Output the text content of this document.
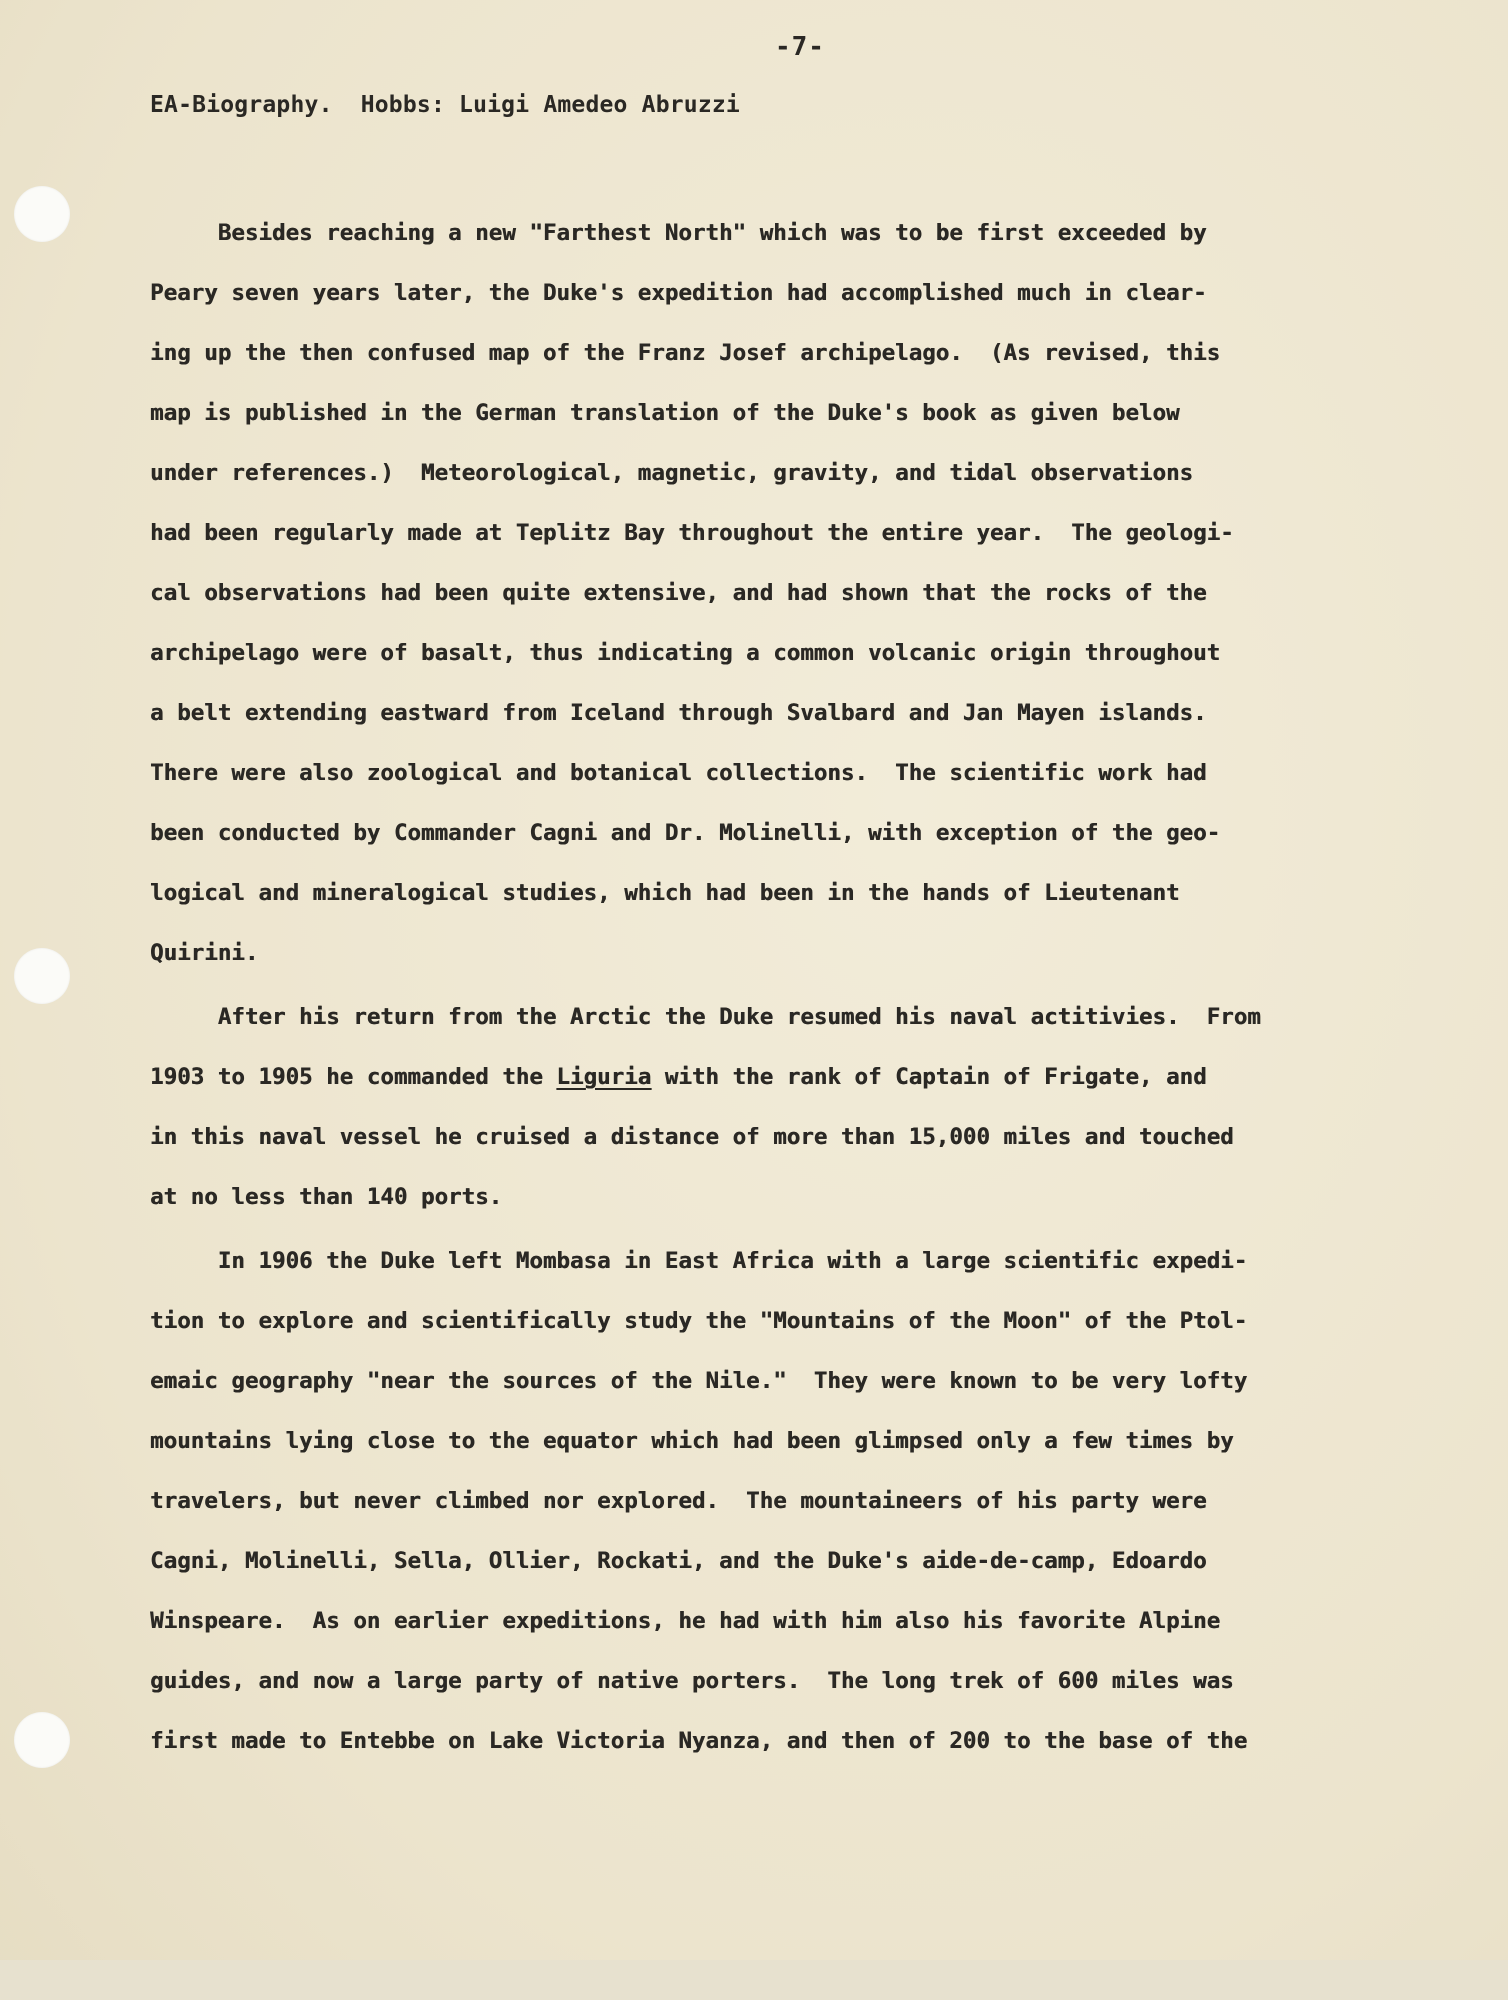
-7-
EA-Biography.  Hobbs: Luigi Amedeo Abruzzi
Besides reaching a new "Farthest North" which was to be first exceeded by
Peary seven years later, the Duke's expedition had accomplished much in clear-
ing up the then confused map of the Franz Josef archipelago.  (As revised, this
map is published in the German translation of the Duke's book as given below
under references.)  Meteorological, magnetic, gravity, and tidal observations
had been regularly made at Teplitz Bay throughout the entire year.  The geologi-
cal observations had been quite extensive, and had shown that the rocks of the
archipelago were of basalt, thus indicating a common volcanic origin throughout
a belt extending eastward from Iceland through Svalbard and Jan Mayen islands.
There were also zoological and botanical collections.  The scientific work had
been conducted by Commander Cagni and Dr. Molinelli, with exception of the geo-
logical and mineralogical studies, which had been in the hands of Lieutenant
Quirini.
After his return from the Arctic the Duke resumed his naval actitivies.  From
1903 to 1905 he commanded the Liguria with the rank of Captain of Frigate, and
in this naval vessel he cruised a distance of more than 15,000 miles and touched
at no less than 140 ports.
In 1906 the Duke left Mombasa in East Africa with a large scientific expedi-
tion to explore and scientifically study the "Mountains of the Moon" of the Ptol-
emaic geography "near the sources of the Nile."  They were known to be very lofty
mountains lying close to the equator which had been glimpsed only a few times by
travelers, but never climbed nor explored.  The mountaineers of his party were
Cagni, Molinelli, Sella, Ollier, Rockati, and the Duke's aide-de-camp, Edoardo
Winspeare.  As on earlier expeditions, he had with him also his favorite Alpine
guides, and now a large party of native porters.  The long trek of 600 miles was
first made to Entebbe on Lake Victoria Nyanza, and then of 200 to the base of the
